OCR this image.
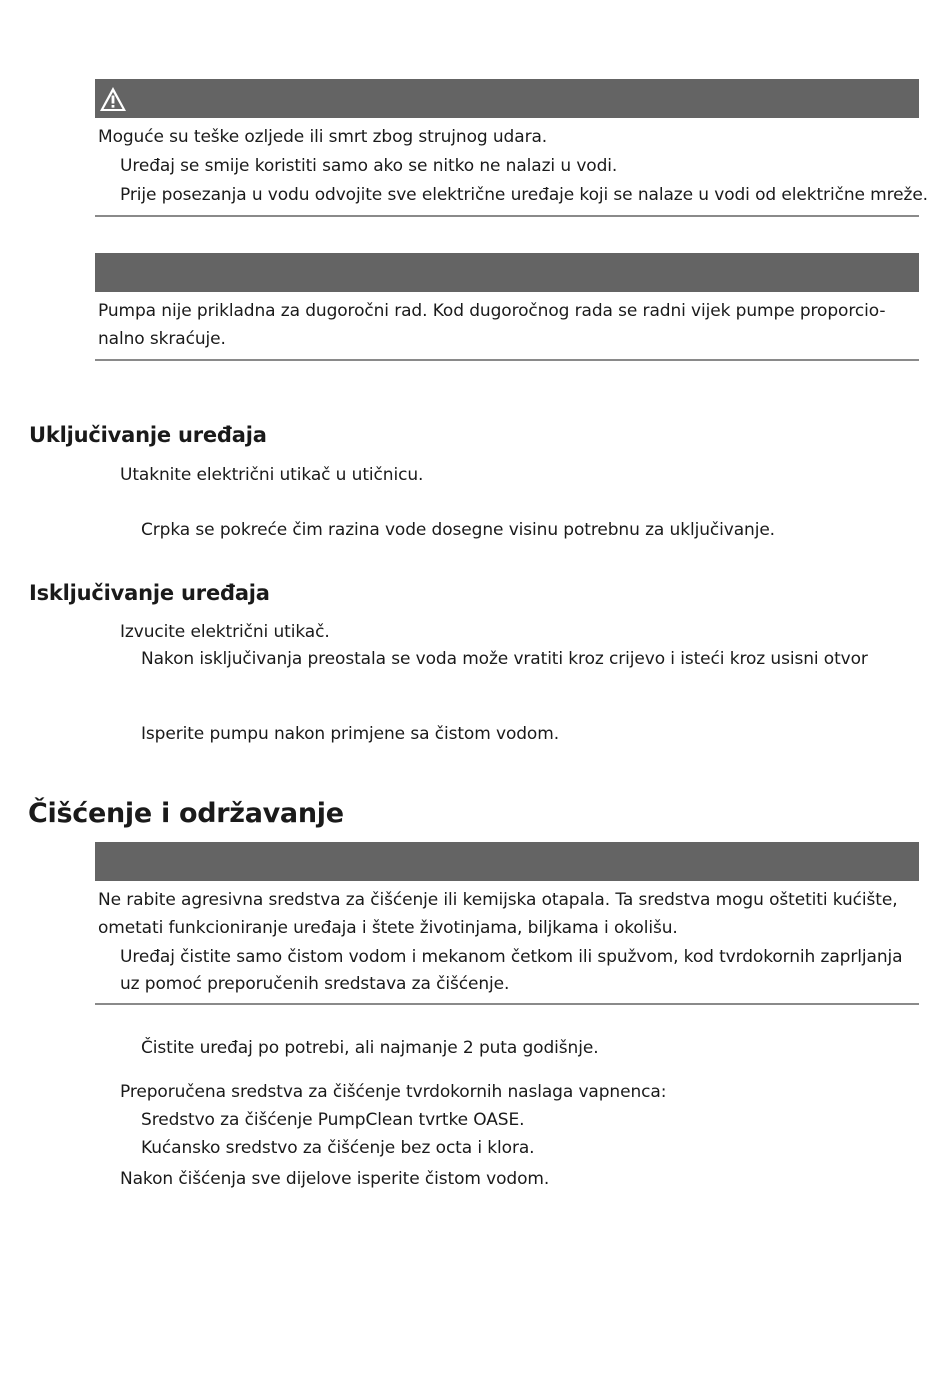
Moguće su teške ozljede ili smrt zbog strujnog udara.
Uređaj se smije koristiti samo ako se nitko ne nalazi u vodi.
Prije posezanja u vodu odvojite sve električne uređaje koji se nalaze u vodi od električne mreže.
Pumpa nije prikladna za dugoročni rad. Kod dugoročnog rada se radni vijek pumpe proporcio-
nalno skraćuje.
Uključivanje uređaja
Utaknite električni utikač u utičnicu.
Crpka se pokreće čim razina vode dosegne visinu potrebnu za uključivanje.
Isključivanje uređaja
Izvucite električni utikač.
Nakon isključivanja preostala se voda može vratiti kroz crijevo i isteći kroz usisni otvor
Isperite pumpu nakon primjene sa čistom vodom.
Čišćenje i održavanje
Ne rabite agresivna sredstva za čišćenje ili kemijska otapala. Ta sredstva mogu oštetiti kućište,
ometati funkcioniranje uređaja i štete životinjama, biljkama i okolišu.
Uređaj čistite samo čistom vodom i mekanom četkom ili spužvom, kod tvrdokornih zaprljanja
uz pomoć preporučenih sredstava za čišćenje.
Čistite uređaj po potrebi, ali najmanje 2 puta godišnje.
Preporučena sredstva za čišćenje tvrdokornih naslaga vapnenca:
Sredstvo za čišćenje PumpClean tvrtke OASE.
Kućansko sredstvo za čišćenje bez octa i klora.
Nakon čišćenja sve dijelove isperite čistom vodom.
